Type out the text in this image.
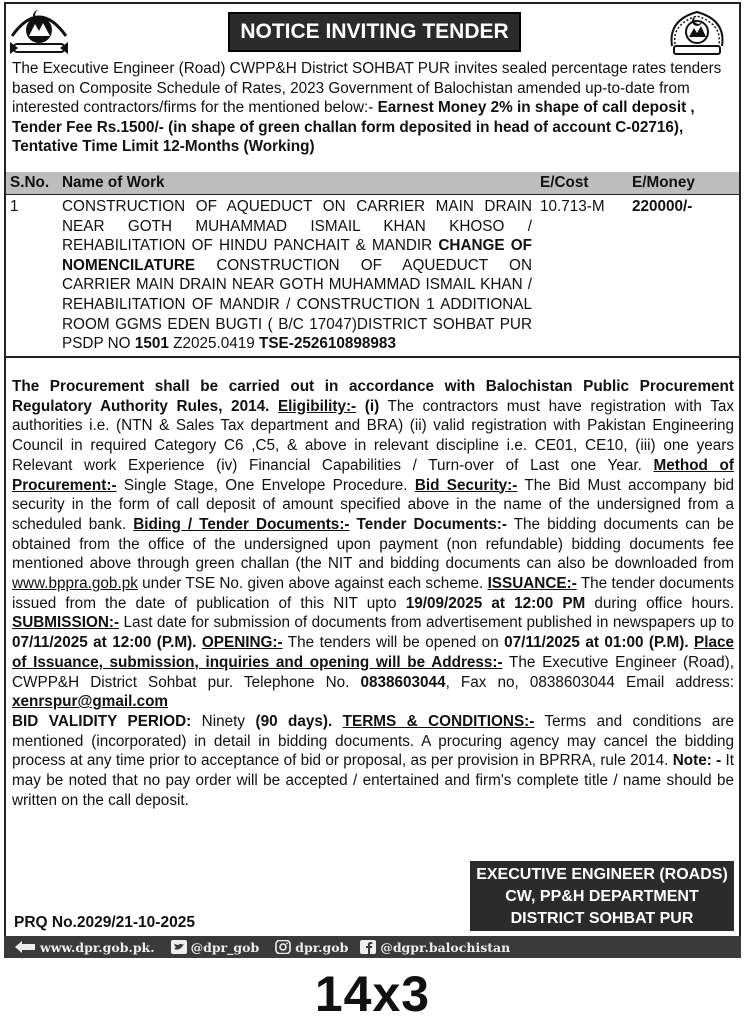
NOTICE INVITING TENDER
The Executive Engineer (Road) CWPP&H District SOHBAT PUR invites sealed percentage rates tenders based on Composite Schedule of Rates, 2023 Government of Balochistan amended up-to-date from interested contractors/firms for the mentioned below:- Earnest Money 2% in shape of call deposit , Tender Fee Rs.1500/- (in shape of green challan form deposited in head of account C-02716), Tentative Time Limit 12-Months (Working)
S.No.	Name of Work	E/Cost	E/Money
1	CONSTRUCTION OF AQUEDUCT ON CARRIER MAIN DRAIN NEAR GOTH MUHAMMAD ISMAIL KHAN KHOSO / REHABILITATION OF HINDU PANCHAIT & MANDIR CHANGE OF NOMENCILATURE CONSTRUCTION OF AQUEDUCT ON CARRIER MAIN DRAIN NEAR GOTH MUHAMMAD ISMAIL KHAN / REHABILITATION OF MANDIR / CONSTRUCTION 1 ADDITIONAL ROOM GGMS EDEN BUGTI ( B/C 17047)DISTRICT SOHBAT PUR PSDP NO 1501 Z2025.0419 TSE-252610898983	10.713-M	220000/-
The Procurement shall be carried out in accordance with Balochistan Public Procurement Regulatory Authority Rules, 2014. Eligibility:- (i) The contractors must have registration with Tax authorities i.e. (NTN & Sales Tax department and BRA) (ii) valid registration with Pakistan Engineering Council in required Category C6 ,C5, & above in relevant discipline i.e. CE01, CE10, (iii) one years Relevant work Experience (iv) Financial Capabilities / Turn-over of Last one Year. Method of Procurement:- Single Stage, One Envelope Procedure. Bid Security:- The Bid Must accompany bid security in the form of call deposit of amount specified above in the name of the undersigned from a scheduled bank. Biding / Tender Documents:- Tender Documents:- The bidding documents can be obtained from the office of the undersigned upon payment (non refundable) bidding documents fee mentioned above through green challan (the NIT and bidding documents can also be downloaded from www.bppra.gob.pk under TSE No. given above against each scheme. ISSUANCE:- The tender documents issued from the date of publication of this NIT upto 19/09/2025 at 12:00 PM during office hours. SUBMISSION:- Last date for submission of documents from advertisement published in newspapers up to 07/11/2025 at 12:00 (P.M). OPENING:- The tenders will be opened on 07/11/2025 at 01:00 (P.M). Place of Issuance, submission, inquiries and opening will be Address:- The Executive Engineer (Road), CWPP&H District Sohbat pur. Telephone No. 0838603044, Fax no, 0838603044 Email address: xenrspur@gmail.com
BID VALIDITY PERIOD: Ninety (90 days). TERMS & CONDITIONS:- Terms and conditions are mentioned (incorporated) in detail in bidding documents. A procuring agency may cancel the bidding process at any time prior to acceptance of bid or proposal, as per provision in BPRRA, rule 2014. Note: - It may be noted that no pay order will be accepted / entertained and firm's complete title / name should be written on the call deposit.
EXECUTIVE ENGINEER (ROADS)
CW, PP&H DEPARTMENT
DISTRICT SOHBAT PUR
PRQ No.2029/21-10-2025
www.dpr.gob.pk.	@dpr_gob	dpr.gob	@dgpr.balochistan
14x3
